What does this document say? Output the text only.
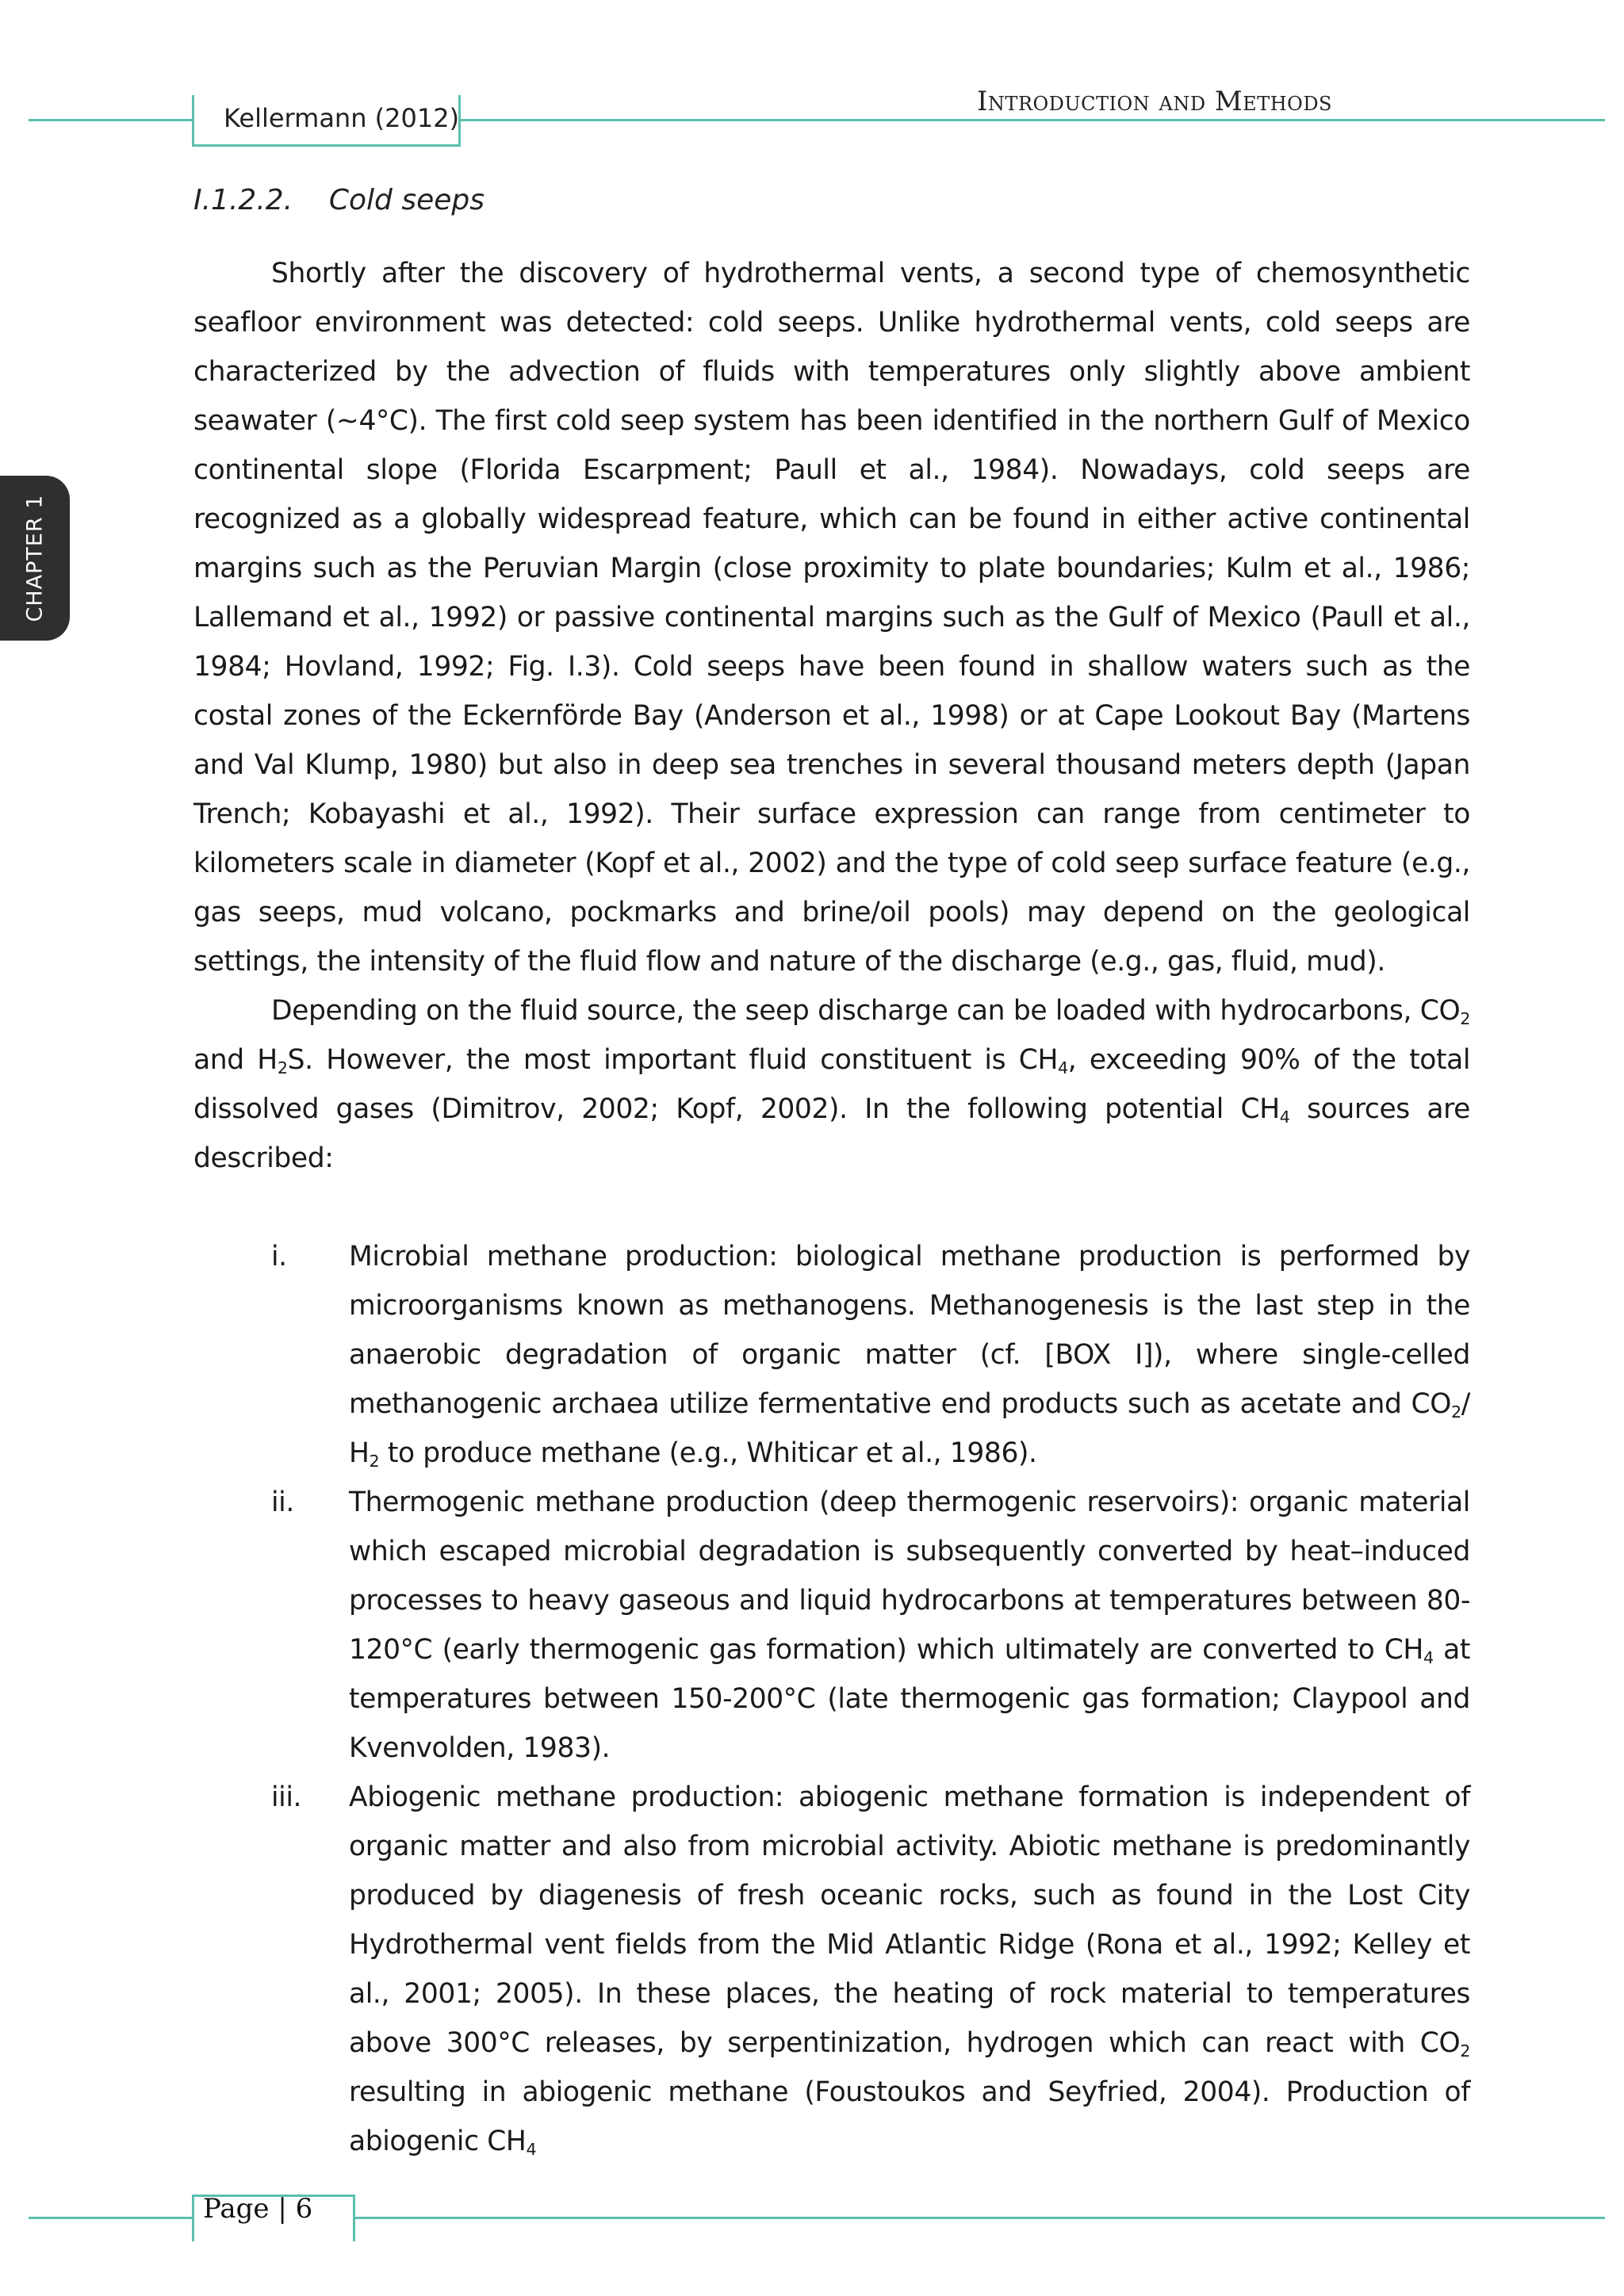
Kellermann (2012)
Introduction and Methods
CHAPTER 1
I.1.2.2. Cold seeps

Shortly after the discovery of hydrothermal vents, a second type of chemosynthetic seafloor environment was detected: cold seeps. Unlike hydrothermal vents, cold seeps are characterized by the advection of fluids with temperatures only slightly above ambient seawater (~4°C). The first cold seep system has been identified in the northern Gulf of Mexico continental slope (Florida Escarpment; Paull et al., 1984). Nowadays, cold seeps are recognized as a globally widespread feature, which can be found in either active continental margins such as the Peruvian Margin (close proximity to plate boundaries; Kulm et al., 1986; Lallemand et al., 1992) or passive continental margins such as the Gulf of Mexico (Paull et al., 1984; Hovland, 1992; Fig. I.3). Cold seeps have been found in shallow waters such as the costal zones of the Eckernförde Bay (Anderson et al., 1998) or at Cape Lookout Bay (Martens and Val Klump, 1980) but also in deep sea trenches in several thousand meters depth (Japan Trench; Kobayashi et al., 1992). Their surface expression can range from centimeter to kilometers scale in diameter (Kopf et al., 2002) and the type of cold seep surface feature (e.g., gas seeps, mud volcano, pockmarks and brine/oil pools) may depend on the geological settings, the intensity of the fluid flow and nature of the discharge (e.g., gas, fluid, mud).

Depending on the fluid source, the seep discharge can be loaded with hydrocarbons, $CO_2$ and $H_2S$. However, the most important fluid constituent is $CH_4$, exceeding 90% of the total dissolved gases (Dimitrov, 2002; Kopf, 2002). In the following potential $CH_4$ sources are described:

i. Microbial methane production: biological methane production is performed by microorganisms known as methanogens. Methanogenesis is the last step in the anaerobic degradation of organic matter (cf. [BOX I]), where single-celled methanogenic archaea utilize fermentative end products such as acetate and $CO_2/$ $H_2$ to produce methane (e.g., Whiticar et al., 1986).
ii. Thermogenic methane production (deep thermogenic reservoirs): organic material which escaped microbial degradation is subsequently converted by heat–induced processes to heavy gaseous and liquid hydrocarbons at temperatures between 80-120°C (early thermogenic gas formation) which ultimately are converted to $CH_4$ at temperatures between 150-200°C (late thermogenic gas formation; Claypool and Kvenvolden, 1983).
iii. Abiogenic methane production: abiogenic methane formation is independent of organic matter and also from microbial activity. Abiotic methane is predominantly produced by diagenesis of fresh oceanic rocks, such as found in the Lost City Hydrothermal vent fields from the Mid Atlantic Ridge (Rona et al., 1992; Kelley et al., 2001; 2005). In these places, the heating of rock material to temperatures above 300°C releases, by serpentinization, hydrogen which can react with $CO_2$ resulting in abiogenic methane (Foustoukos and Seyfried, 2004). Production of abiogenic $CH_4$
Page | 6
